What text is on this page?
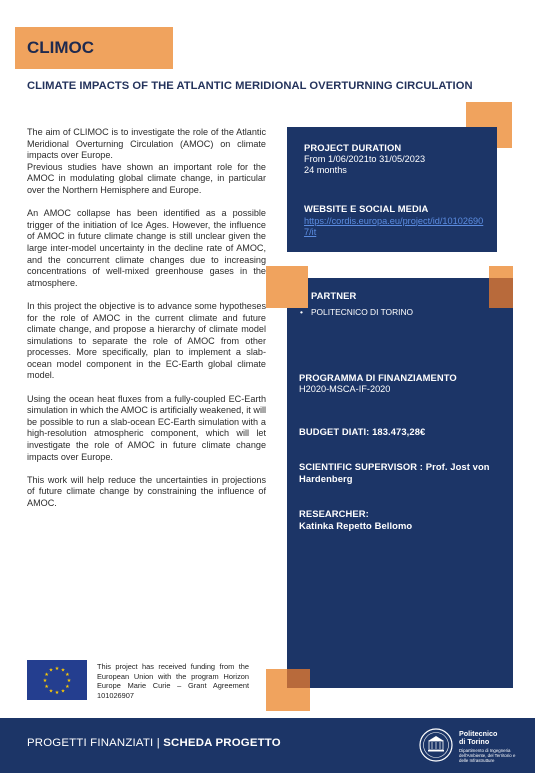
CLIMOC
CLIMATE IMPACTS OF THE ATLANTIC MERIDIONAL OVERTURNING CIRCULATION

The aim of CLIMOC is to investigate the role of the Atlantic Meridional Overturning Circulation (AMOC) on climate impacts over Europe.

Previous studies have shown an important role for the AMOC in modulating global climate change, in particular over the Northern Hemisphere and Europe.

An AMOC collapse has been identified as a possible trigger of the initiation of Ice Ages. However, the influence of AMOC in future climate change is still unclear given the large inter-model uncertainty in the decline rate of AMOC, and the concurrent climate changes due to increasing concentrations of well-mixed greenhouse gases in the atmosphere.

In this project the objective is to advance some hypotheses for the role of AMOC in the current climate and future climate change, and propose a hierarchy of climate model simulations to separate the role of AMOC from other processes. More specifically, plan to implement a slab-ocean model component in the EC-Earth global climate model.

Using the ocean heat fluxes from a fully-coupled EC-Earth simulation in which the AMOC is artificially weakened, it will be possible to run a slab-ocean EC-Earth simulation with a high-resolution atmospheric component, which will let investigate the role of AMOC in future climate change impacts over Europe.

This work will help reduce the uncertainties in projections of future climate change by constraining the influence of AMOC.

PROJECT DURATION
From 1/06/2021to 31/05/2023
24 months
WEBSITE E SOCIAL MEDIA
https://cordis.europa.eu/project/id/101026907/it
PARTNER
• POLITECNICO DI TORINO
PROGRAMMA DI FINANZIAMENTO
H2020-MSCA-IF-2020
BUDGET DIATI: 183.473,28€
SCIENTIFIC SUPERVISOR : Prof. Jost von Hardenberg
RESEARCHER:
Katinka Repetto Bellomo
★ ★
★
★
★
★
★
★
★
★
★
★	This project has received funding from the European Union with the program Horizon Europe Marie Curie – Grant Agreement 101026907
PROGETTI FINANZIATI | SCHEDA PROGETTO
Politecnico
di Torino
Dipartimento di Ingegneria dell'Ambiente, del Territorio e delle Infrastrutture
